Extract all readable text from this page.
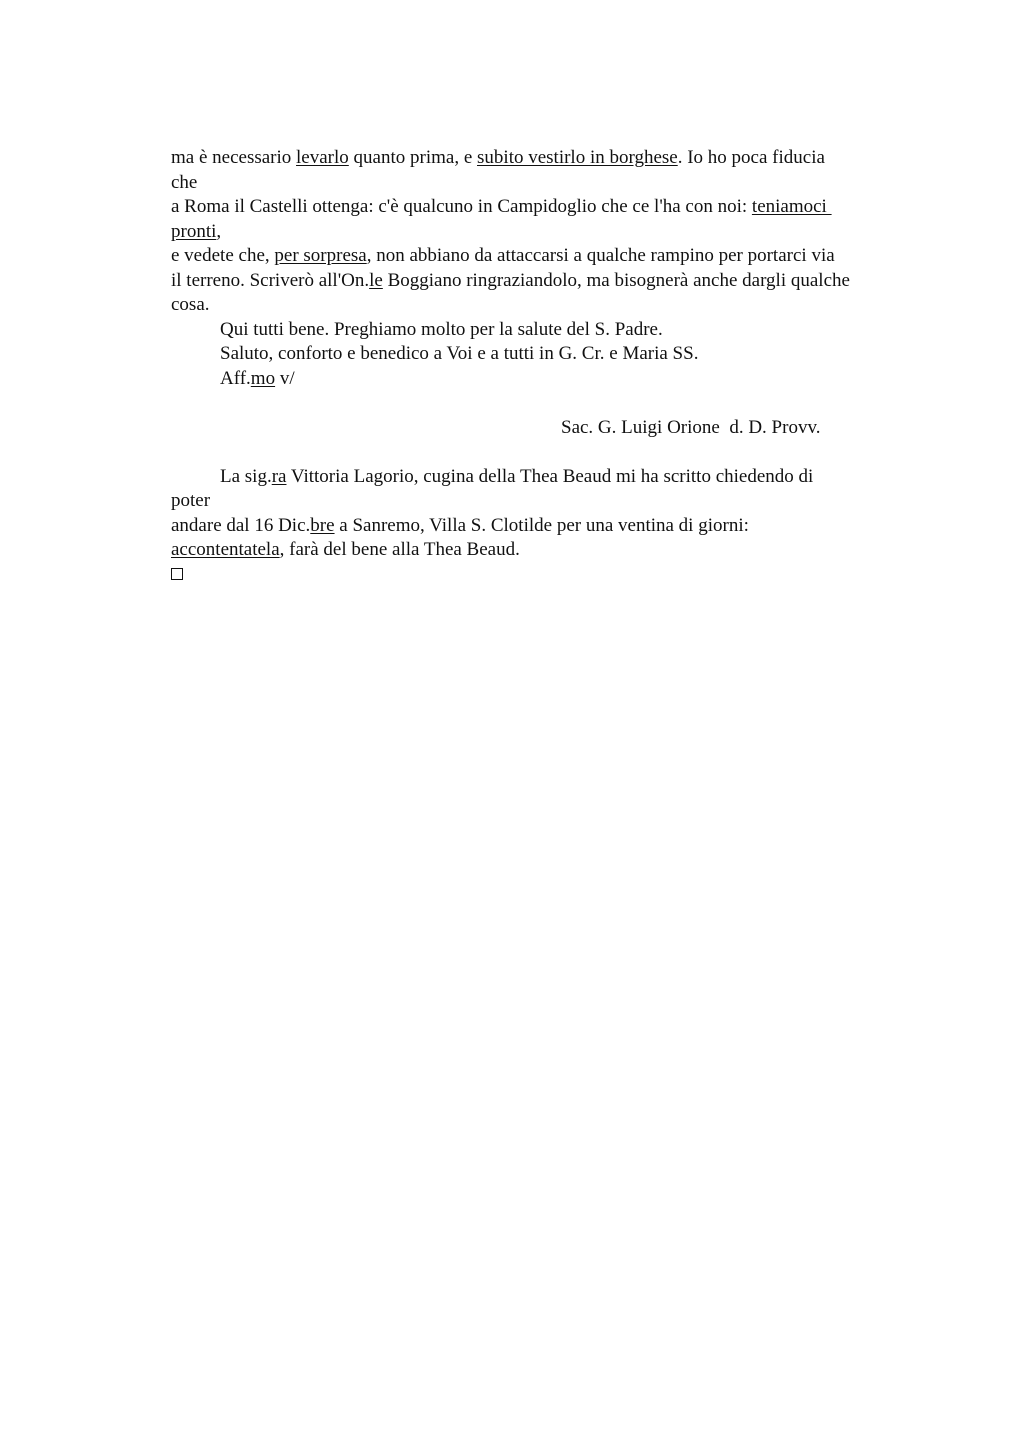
ma è necessario levarlo quanto prima, e subito vestirlo in borghese. Io ho poca fiducia
che
a Roma il Castelli ottenga: c'è qualcuno in Campidoglio che ce l'ha con noi: teniamoci
pronti,
e vedete che, per sorpresa, non abbiano da attaccarsi a qualche rampino per portarci via
il terreno. Scriverò all'On.le Boggiano ringraziandolo, ma bisognerà anche dargli qualche
cosa.
Qui tutti bene. Preghiamo molto per la salute del S. Padre.
Saluto, conforto e benedico a Voi e a tutti in G. Cr. e Maria SS.
Aff.mo v/
Sac. G. Luigi Orione  d. D. Provv.
La sig.ra Vittoria Lagorio, cugina della Thea Beaud mi ha scritto chiedendo di
poter
andare dal 16 Dic.bre a Sanremo, Villa S. Clotilde per una ventina di giorni:
accontentatela, farà del bene alla Thea Beaud.
